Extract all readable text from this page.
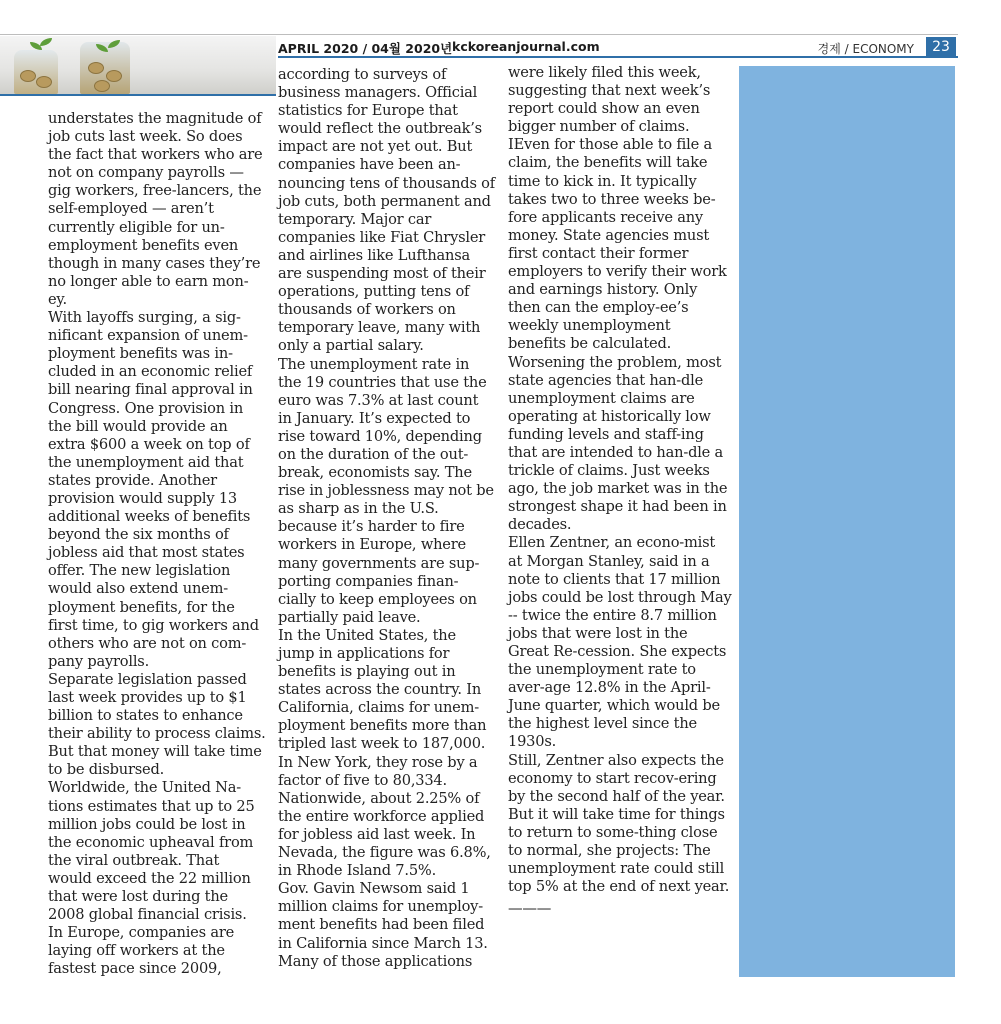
APRIL 2020 / 04월 2020년 kckoreanjournal.com	경제 / ECONOMY	23

understates the magnitude of job cuts last week. So does the fact that workers who are not on company payrolls — gig workers, free-lancers, the self-employed — aren’t currently eligible for un-employment benefits even though in many cases they’re no longer able to earn mon-ey.

With layoffs surging, a sig-nificant expansion of unem-ployment benefits was in-cluded in an economic relief bill nearing final approval in Congress. One provision in the bill would provide an extra $600 a week on top of the unemployment aid that states provide. Another provision would supply 13 additional weeks of benefits beyond the six months of jobless aid that most states offer. The new legislation would also extend unem-ployment benefits, for the first time, to gig workers and others who are not on com-pany payrolls.

Separate legislation passed last week provides up to $1 billion to states to enhance their ability to process claims. But that money will take time to be disbursed.

Worldwide, the United Na-tions estimates that up to 25 million jobs could be lost in the economic upheaval from the viral outbreak. That would exceed the 22 million that were lost during the 2008 global financial crisis.

In Europe, companies are laying off workers at the fastest pace since 2009,

according to surveys of business managers. Official statistics for Europe that would reflect the outbreak’s impact are not yet out. But companies have been an-nouncing tens of thousands of job cuts, both permanent and temporary. Major car companies like Fiat Chrysler and airlines like Lufthansa are suspending most of their operations, putting tens of thousands of workers on temporary leave, many with only a partial salary.

The unemployment rate in the 19 countries that use the euro was 7.3% at last count in January. It’s expected to rise toward 10%, depending on the duration of the out-break, economists say. The rise in joblessness may not be as sharp as in the U.S. because it’s harder to fire workers in Europe, where many governments are sup-porting companies finan-cially to keep employees on partially paid leave.

In the United States, the jump in applications for benefits is playing out in states across the country. In California, claims for unem-ployment benefits more than tripled last week to 187,000. In New York, they rose by a factor of five to 80,334. Nationwide, about 2.25% of the entire workforce applied for jobless aid last week. In Nevada, the figure was 6.8%, in Rhode Island 7.5%.

Gov. Gavin Newsom said 1 million claims for unemploy-ment benefits had been filed in California since March 13. Many of those applications

were likely filed this week, suggesting that next week’s report could show an even bigger number of claims.

IEven for those able to file a claim, the benefits will take time to kick in. It typically takes two to three weeks be-fore applicants receive any money. State agencies must first contact their former employers to verify their work and earnings history. Only then can the employ-ee’s weekly unemployment benefits be calculated.

Worsening the problem, most state agencies that han-dle unemployment claims are operating at historically low funding levels and staff-ing that are intended to han-dle a trickle of claims. Just weeks ago, the job market was in the strongest shape it had been in decades.

Ellen Zentner, an econo-mist at Morgan Stanley, said in a note to clients that 17 million jobs could be lost through May -- twice the entire 8.7 million jobs that were lost in the Great Re-cession. She expects the unemployment rate to aver-age 12.8% in the April-June quarter, which would be the highest level since the 1930s.

Still, Zentner also expects the economy to start recov-ering by the second half of the year. But it will take time for things to return to some-thing close to normal, she projects: The unemployment rate could still top 5% at the end of next year.

———
